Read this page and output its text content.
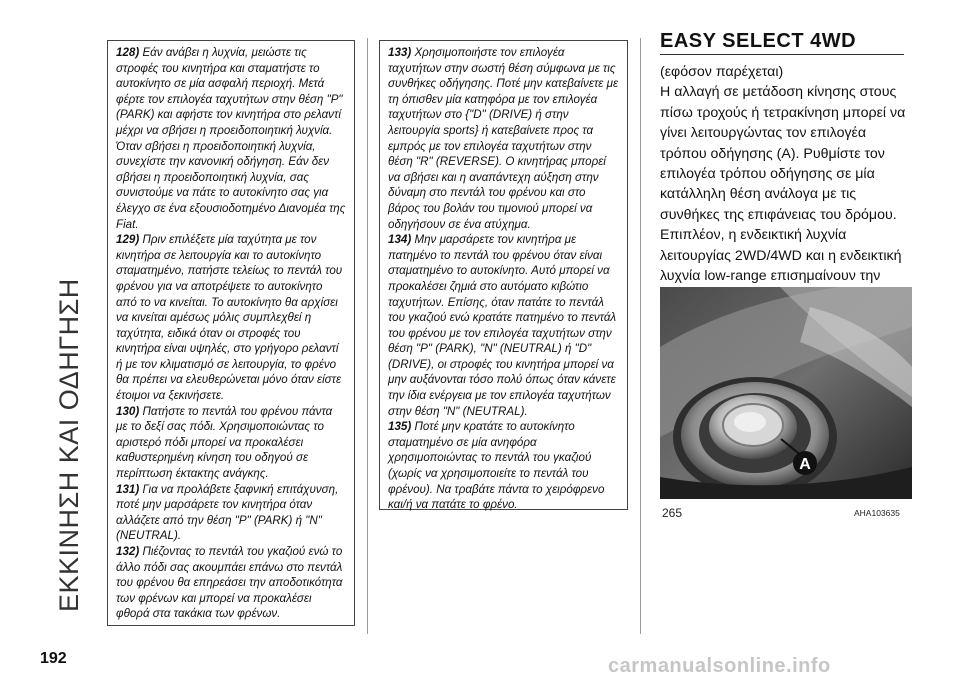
ΕΚΚΙΝΗΣΗ ΚΑΙ ΟΔΗΓΗΣΗ

128) Εάν ανάβει η λυχνία, μειώστε τις στροφές του κινητήρα και σταματήστε το αυτοκίνητο σε μία ασφαλή περιοχή. Μετά φέρτε τον επιλογέα ταχυτήτων στην θέση "P" (PARK) και αφήστε τον κινητήρα στο ρελαντί μέχρι να σβήσει η προειδοποιητική λυχνία. Όταν σβήσει η προειδοποιητική λυχνία, συνεχίστε την κανονική οδήγηση. Εάν δεν σβήσει η προειδοποιητική λυχνία, σας συνιστούμε να πάτε το αυτοκίνητο σας για έλεγχο σε ένα εξουσιοδοτημένο Διανομέα της Fiat.

129) Πριν επιλέξετε μία ταχύτητα με τον κινητήρα σε λειτουργία και το αυτοκίνητο σταματημένο, πατήστε τελείως το πεντάλ του φρένου για να αποτρέψετε το αυτοκίνητο από το να κινείται. Το αυτοκίνητο θα αρχίσει να κινείται αμέσως μόλις συμπλεχθεί η ταχύτητα, ειδικά όταν οι στροφές του κινητήρα είναι υψηλές, στο γρήγορο ρελαντί ή με τον κλιματισμό σε λειτουργία, το φρένο θα πρέπει να ελευθερώνεται μόνο όταν είστε έτοιμοι να ξεκινήσετε.

130) Πατήστε το πεντάλ του φρένου πάντα με το δεξί σας πόδι. Χρησιμοποιώντας το αριστερό πόδι μπορεί να προκαλέσει καθυστερημένη κίνηση του οδηγού σε περίπτωση έκτακτης ανάγκης.

131) Για να προλάβετε ξαφνική επιτάχυνση, ποτέ μην μαρσάρετε τον κινητήρα όταν αλλάζετε από την θέση "P" (PARK) ή "N" (NEUTRAL).

132) Πιέζοντας το πεντάλ του γκαζιού ενώ το άλλο πόδι σας ακουμπάει επάνω στο πεντάλ του φρένου θα επηρεάσει την αποδοτικότητα των φρένων και μπορεί να προκαλέσει φθορά στα τακάκια των φρένων.

133) Χρησιμοποιήστε τον επιλογέα ταχυτήτων στην σωστή θέση σύμφωνα με τις συνθήκες οδήγησης. Ποτέ μην κατεβαίνετε με τη όπισθεν μία κατηφόρα με τον επιλογέα ταχυτήτων στο {"D" (DRIVE) ή στην λειτουργία sports} ή κατεβαίνετε προς τα εμπρός με τον επιλογέα ταχυτήτων στην θέση "R" (REVERSE). Ο κινητήρας μπορεί να σβήσει και η αναπάντεχη αύξηση στην δύναμη στο πεντάλ του φρένου και στο βάρος του βολάν του τιμονιού μπορεί να οδηγήσουν σε ένα ατύχημα.

134) Μην μαρσάρετε τον κινητήρα με πατημένο το πεντάλ του φρένου όταν είναι σταματημένο το αυτοκίνητο. Αυτό μπορεί να προκαλέσει ζημιά στο αυτόματο κιβώτιο ταχυτήτων. Επίσης, όταν πατάτε το πεντάλ του γκαζιού ενώ κρατάτε πατημένο το πεντάλ του φρένου με τον επιλογέα ταχυτήτων στην θέση "P" (PARK), "N" (NEUTRAL) ή "D" (DRIVE), οι στροφές του κινητήρα μπορεί να μην αυξάνονται τόσο πολύ όπως όταν κάνετε την ίδια ενέργεια με τον επιλογέα ταχυτήτων στην θέση "N" (NEUTRAL).

135) Ποτέ μην κρατάτε το αυτοκίνητο σταματημένο σε μία ανηφόρα χρησιμοποιώντας το πεντάλ του γκαζιού (χωρίς να χρησιμοποιείτε το πεντάλ του φρένου). Να τραβάτε πάντα το χειρόφρενο και/ή να πατάτε το φρένο.

EASY SELECT 4WD

(εφόσον παρέχεται)

Η αλλαγή σε μετάδοση κίνησης στους πίσω τροχούς ή τετρακίνηση μπορεί να γίνει λειτουργώντας τον επιλογέα τρόπου οδήγησης (A). Ρυθμίστε τον επιλογέα τρόπου οδήγησης σε μία κατάλληλη θέση ανάλογα με τις συνθήκες της επιφάνειας του δρόμου. Επιπλέον, η ενδεικτική λυχνία λειτουργίας 2WD/4WD και η ενδεικτική λυχνία low-range επισημαίνουν την

A
265	AHA103635
192	carmanualsonline.info
